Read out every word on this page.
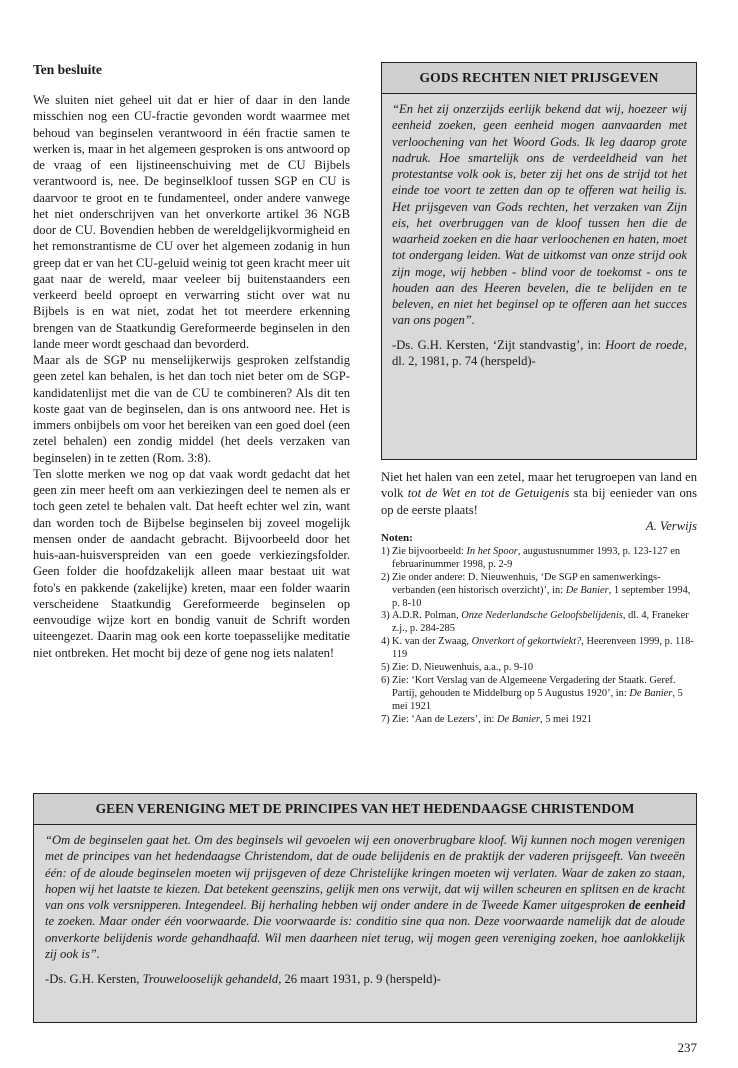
Ten besluite

We sluiten niet geheel uit dat er hier of daar in den lande misschien nog een CU-fractie gevonden wordt waarmee met behoud van beginselen verantwoord in één fractie samen te werken is, maar in het algemeen gesproken is ons antwoord op de vraag of een lijstineenschuiving met de CU Bijbels verantwoord is, nee. De beginselkloof tussen SGP en CU is daarvoor te groot en te fundamenteel, onder andere vanwege het niet onderschrijven van het onverkorte artikel 36 NGB door de CU. Bovendien hebben de wereldgelijkvormigheid en het remonstrantisme de CU over het algemeen zodanig in hun greep dat er van het CU-geluid weinig tot geen kracht meer uit gaat naar de wereld, maar veeleer bij buitenstaanders een verkeerd beeld oproept en verwarring sticht over wat nu Bijbels is en wat niet, zodat het tot meerdere erkenning brengen van de Staatkundig Gereformeerde beginselen in den lande meer wordt geschaad dan bevorderd.

Maar als de SGP nu menselijkerwijs gesproken zelfstandig geen zetel kan behalen, is het dan toch niet beter om de SGP-kandidatenlijst met die van de CU te combineren? Als dit ten koste gaat van de beginselen, dan is ons antwoord nee. Het is immers onbijbels om voor het bereiken van een goed doel (een zetel behalen) een zondig middel (het deels verzaken van beginselen) in te zetten (Rom. 3:8).

Ten slotte merken we nog op dat vaak wordt gedacht dat het geen zin meer heeft om aan verkiezingen deel te nemen als er toch geen zetel te behalen valt. Dat heeft echter wel zin, want dan worden toch de Bijbelse beginselen bij zoveel mogelijk mensen onder de aandacht gebracht. Bijvoorbeeld door het huis-aan-huisverspreiden van een goede verkiezingsfolder. Geen folder die hoofdzakelijk alleen maar bestaat uit wat foto's en pakkende (zakelijke) kreten, maar een folder waarin verscheidene Staatkundig Gereformeerde beginselen op eenvoudige wijze kort en bondig vanuit de Schrift worden uiteengezet. Daarin mag ook een korte toepasselijke meditatie niet ontbreken. Het mocht bij deze of gene nog iets nalaten!

GODS RECHTEN NIET PRIJSGEVEN

“En het zij onzerzijds eerlijk bekend dat wij, hoezeer wij eenheid zoeken, geen eenheid mogen aanvaarden met verloochening van het Woord Gods. Ik leg daarop grote nadruk. Hoe smartelijk ons de verdeeldheid van het protestantse volk ook is, beter zij het ons de strijd tot het einde toe voort te zetten dan op te offeren wat heilig is. Het prijsgeven van Gods rechten, het verzaken van Zijn eis, het overbruggen van de kloof tussen hen die de waarheid zoeken en die haar verloochenen en haten, moet tot ondergang leiden. Wat de uitkomst van onze strijd ook zijn moge, wij hebben - blind voor de toekomst - ons te houden aan des Heeren bevelen, die te belijden en te beleven, en niet het beginsel op te offeren aan het succes van ons pogen”.

-Ds. G.H. Kersten, ‘Zijt standvastig’, in: Hoort de roede, dl. 2, 1981, p. 74 (herspeld)-

Niet het halen van een zetel, maar het terugroepen van land en volk tot de Wet en tot de Getuigenis sta bij eenieder van ons op de eerste plaats!

A. Verwijs
Noten:
1) Zie bijvoorbeeld: In het Spoor, augustusnummer 1993, p. 123-127 en februarinummer 1998, p. 2-9
2) Zie onder andere: D. Nieuwenhuis, ‘De SGP en samenwerkingsverbanden (een historisch overzicht)’, in: De Banier, 1 september 1994, p. 8-10
3) A.D.R. Polman, Onze Nederlandsche Geloofsbelijdenis, dl. 4, Franeker z.j., p. 284-285
4) K. van der Zwaag, Onverkort of gekortwiekt?, Heerenveen 1999, p. 118-119
5) Zie: D. Nieuwenhuis, a.a., p. 9-10
6) Zie: ‘Kort Verslag van de Algemeene Vergadering der Staatk. Geref. Partij, gehouden te Middelburg op 5 Augustus 1920’, in: De Banier, 5 mei 1921
7) Zie: ‘Aan de Lezers’, in: De Banier, 5 mei 1921
GEEN VERENIGING MET DE PRINCIPES VAN HET HEDENDAAGSE CHRISTENDOM

“Om de beginselen gaat het. Om des beginsels wil gevoelen wij een onoverbrugbare kloof. Wij kunnen noch mogen verenigen met de principes van het hedendaagse Christendom, dat de oude belijdenis en de praktijk der vaderen prijsgeeft. Van tweeën één: of de aloude beginselen moeten wij prijsgeven of deze Christelijke kringen moeten wij verlaten. Waar de zaken zo staan, hopen wij het laatste te kiezen. Dat betekent geenszins, gelijk men ons verwijt, dat wij willen scheuren en splitsen en de kracht van ons volk versnipperen. Integendeel. Bij herhaling hebben wij onder andere in de Tweede Kamer uitgesproken de eenheid te zoeken. Maar onder één voorwaarde. Die voorwaarde is: conditio sine qua non. Deze voorwaarde namelijk dat de aloude onverkorte belijdenis worde gehandhaafd. Wil men daarheen niet terug, wij mogen geen vereniging zoeken, hoe aanlokkelijk zij ook is”.

-Ds. G.H. Kersten, Trouwelooselijk gehandeld, 26 maart 1931, p. 9 (herspeld)-

237
